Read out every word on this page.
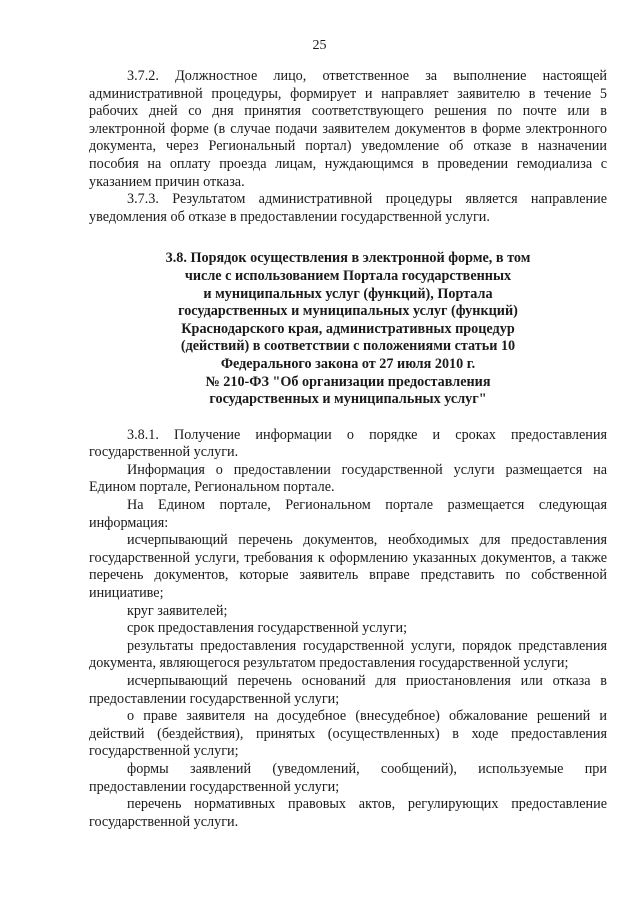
25

3.7.2. Должностное лицо, ответственное за выполнение настоящей административной процедуры, формирует и направляет заявителю в течение 5 рабочих дней со дня принятия соответствующего решения по почте или в электронной форме (в случае подачи заявителем документов в форме электронного документа, через Региональный портал) уведомление об отказе в назначении пособия на оплату проезда лицам, нуждающимся в проведении гемодиализа с указанием причин отказа.

3.7.3. Результатом административной процедуры является направление уведомления об отказе в предоставлении государственной услуги.

3.8. Порядок осуществления в электронной форме, в том
числе с использованием Портала государственных
и муниципальных услуг (функций), Портала
государственных и муниципальных услуг (функций)
Краснодарского края, административных процедур
(действий) в соответствии с положениями статьи 10
Федерального закона от 27 июля 2010 г.
№ 210-ФЗ "Об организации предоставления
государственных и муниципальных услуг"

3.8.1. Получение информации о порядке и сроках предоставления государственной услуги.

Информация о предоставлении государственной услуги размещается на Едином портале, Региональном портале.

На Едином портале, Региональном портале размещается следующая информация:

исчерпывающий перечень документов, необходимых для предоставления государственной услуги, требования к оформлению указанных документов, а также перечень документов, которые заявитель вправе представить по собственной инициативе;

круг заявителей;

срок предоставления государственной услуги;

результаты предоставления государственной услуги, порядок представления документа, являющегося результатом предоставления государственной услуги;

исчерпывающий перечень оснований для приостановления или отказа в предоставлении государственной услуги;

о праве заявителя на досудебное (внесудебное) обжалование решений и действий (бездействия), принятых (осуществленных) в ходе предоставления государственной услуги;

формы заявлений (уведомлений, сообщений), используемые при предоставлении государственной услуги;

перечень нормативных правовых актов, регулирующих предоставление государственной услуги.
